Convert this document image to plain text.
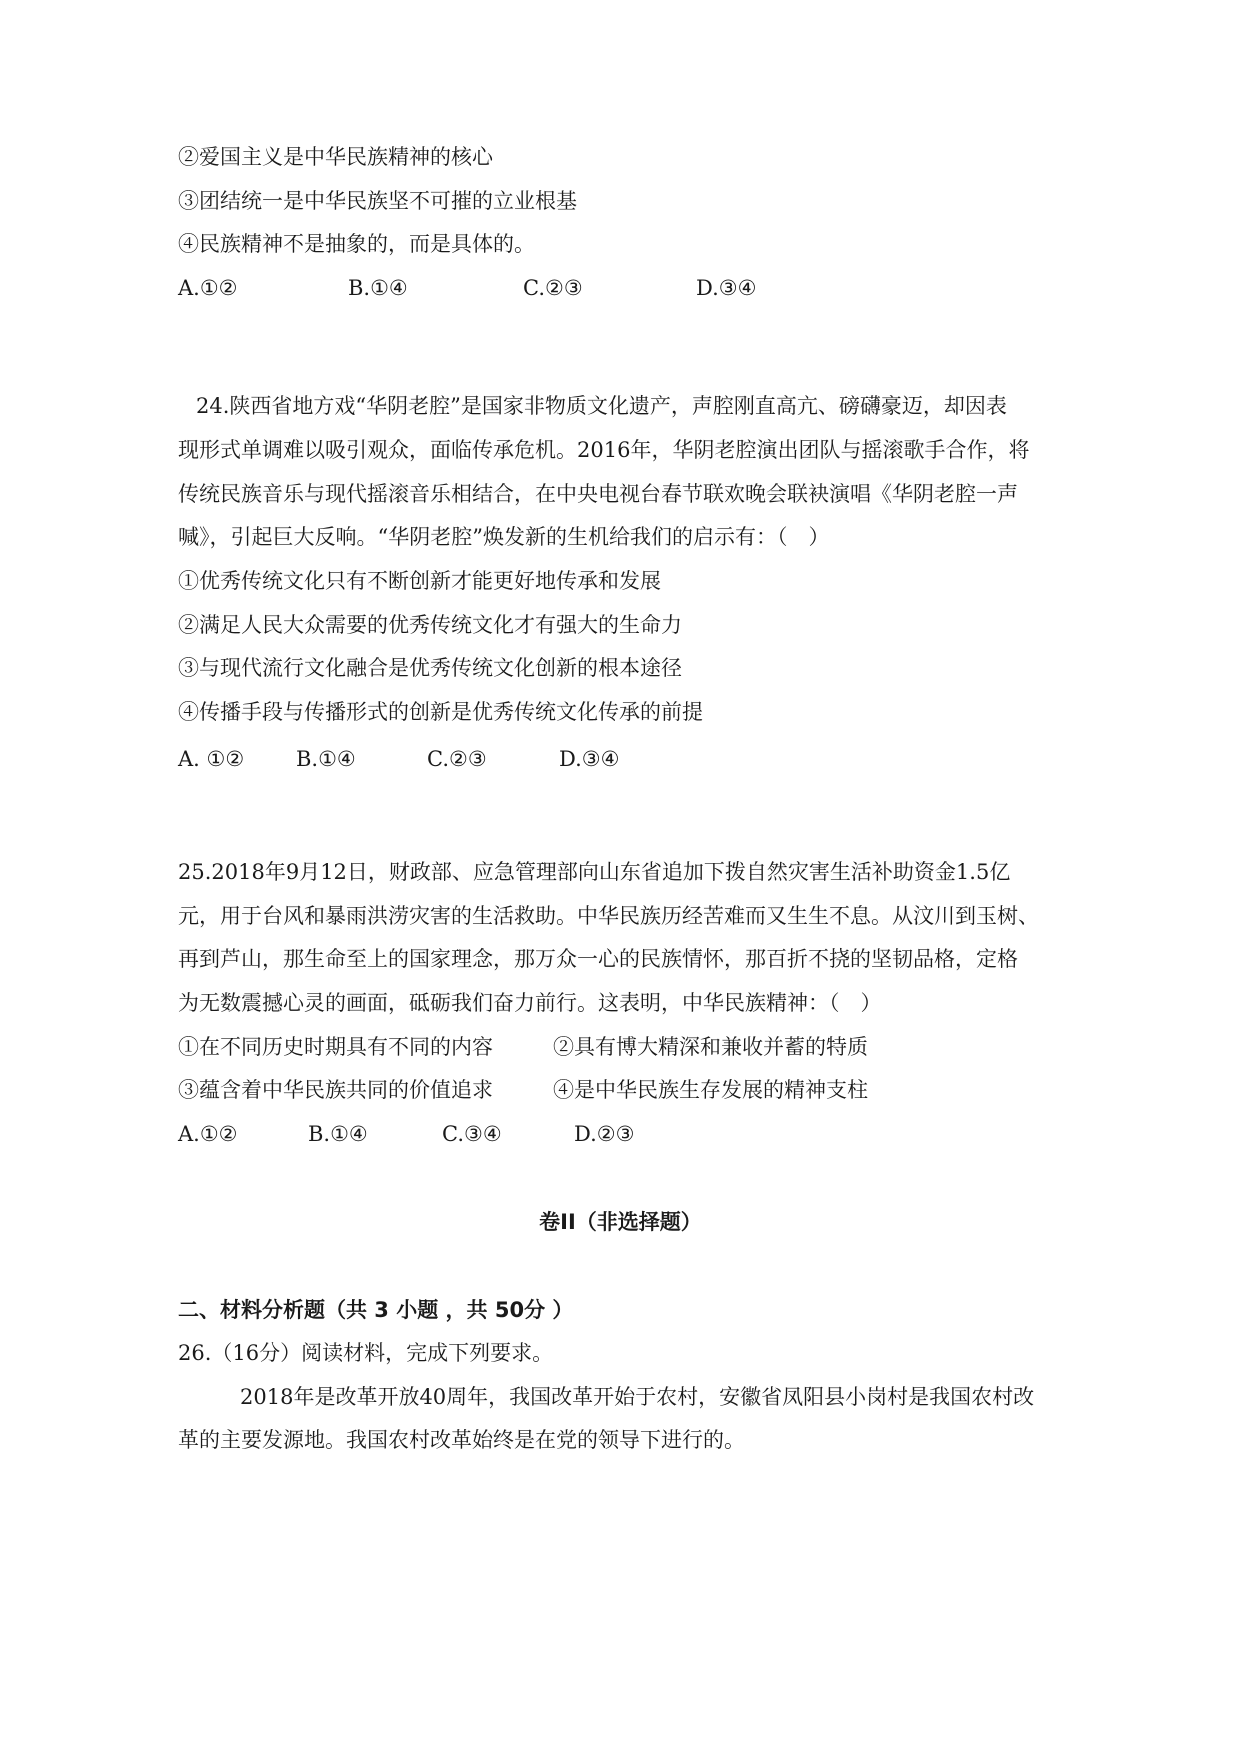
②爱国主义是中华民族精神的核心
③团结统一是中华民族坚不可摧的立业根基
④民族精神不是抽象的，而是具体的。
A.①②	B.①④	C.②③	D.③④
24.陕西省地方戏“华阴老腔”是国家非物质文化遗产，声腔刚直高亢、磅礴豪迈，却因表
现形式单调难以吸引观众，面临传承危机。2016年，华阴老腔演出团队与摇滚歌手合作，将
传统民族音乐与现代摇滚音乐相结合，在中央电视台春节联欢晚会联袂演唱《华阴老腔一声
喊》，引起巨大反响。“华阴老腔”焕发新的生机给我们的启示有：（　）
①优秀传统文化只有不断创新才能更好地传承和发展
②满足人民大众需要的优秀传统文化才有强大的生命力
③与现代流行文化融合是优秀传统文化创新的根本途径
④传播手段与传播形式的创新是优秀传统文化传承的前提
A. ①② B.①④	C.②③	D.③④
25.2018年9月12日，财政部、应急管理部向山东省追加下拨自然灾害生活补助资金1.5亿
元，用于台风和暴雨洪涝灾害的生活救助。中华民族历经苦难而又生生不息。从汶川到玉树、
再到芦山，那生命至上的国家理念，那万众一心的民族情怀，那百折不挠的坚韧品格，定格
为无数震撼心灵的画面，砥砺我们奋力前行。这表明，中华民族精神：（　）
①在不同历史时期具有不同的内容	②具有博大精深和兼收并蓄的特质
③蕴含着中华民族共同的价值追求	④是中华民族生存发展的精神支柱
A.①②	B.①④	C.③④	D.②③
卷II（非选择题）
二、材料分析题（共 3 小题 ，共 50分 ）
26.（16分）阅读材料，完成下列要求。
2018年是改革开放40周年，我国改革开始于农村，安徽省凤阳县小岗村是我国农村改
革的主要发源地。我国农村改革始终是在党的领导下进行的。
